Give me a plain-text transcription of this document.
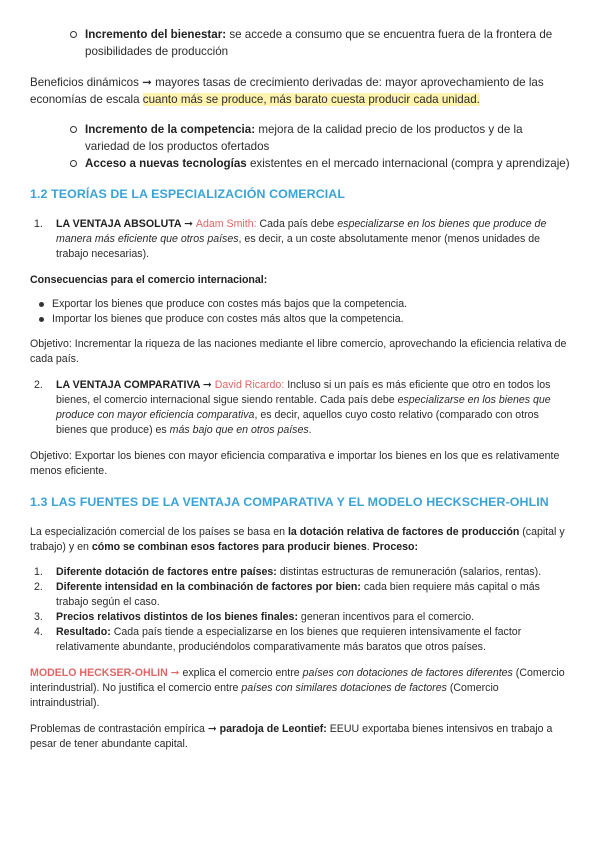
Incremento del bienestar: se accede a consumo que se encuentra fuera de la frontera de posibilidades de producción

Beneficios dinámicos ➞ mayores tasas de crecimiento derivadas de: mayor aprovechamiento de las economías de escala cuanto más se produce, más barato cuesta producir cada unidad.

Incremento de la competencia: mejora de la calidad precio de los productos y de la variedad de los productos ofertados
Acceso a nuevas tecnologías existentes en el mercado internacional (compra y aprendizaje)

1.2 TEORÍAS DE LA ESPECIALIZACIÓN COMERCIAL

1.	LA VENTAJA ABSOLUTA ➞ Adam Smith: Cada país debe especializarse en los bienes que produce de manera más eficiente que otros países, es decir, a un coste absolutamente menor (menos unidades de trabajo necesarias).

Consecuencias para el comercio internacional:

Exportar los bienes que produce con costes más bajos que la competencia.
Importar los bienes que produce con costes más altos que la competencia.

Objetivo: Incrementar la riqueza de las naciones mediante el libre comercio, aprovechando la eficiencia relativa de cada país.

2.	LA VENTAJA COMPARATIVA ➞ David Ricardo: Incluso si un país es más eficiente que otro en todos los bienes, el comercio internacional sigue siendo rentable. Cada país debe especializarse en los bienes que produce con mayor eficiencia comparativa, es decir, aquellos cuyo costo relativo (comparado con otros bienes que produce) es más bajo que en otros países.

Objetivo: Exportar los bienes con mayor eficiencia comparativa e importar los bienes en los que es relativamente menos eficiente.

1.3 LAS FUENTES DE LA VENTAJA COMPARATIVA Y EL MODELO HECKSCHER-OHLIN

La especialización comercial de los países se basa en la dotación relativa de factores de producción (capital y trabajo) y en cómo se combinan esos factores para producir bienes. Proceso:

1.	Diferente dotación de factores entre países: distintas estructuras de remuneración (salarios, rentas).
2.	Diferente intensidad en la combinación de factores por bien: cada bien requiere más capital o más trabajo según el caso.
3.	Precios relativos distintos de los bienes finales: generan incentivos para el comercio.
4.	Resultado: Cada país tiende a especializarse en los bienes que requieren intensivamente el factor relativamente abundante, produciéndolos comparativamente más baratos que otros países.

MODELO HECKSER-OHLIN ➞ explica el comercio entre países con dotaciones de factores diferentes (Comercio interindustrial). No justifica el comercio entre países con similares dotaciones de factores (Comercio intraindustrial).

Problemas de contrastación empírica ➞ paradoja de Leontief: EEUU exportaba bienes intensivos en trabajo a pesar de tener abundante capital.
